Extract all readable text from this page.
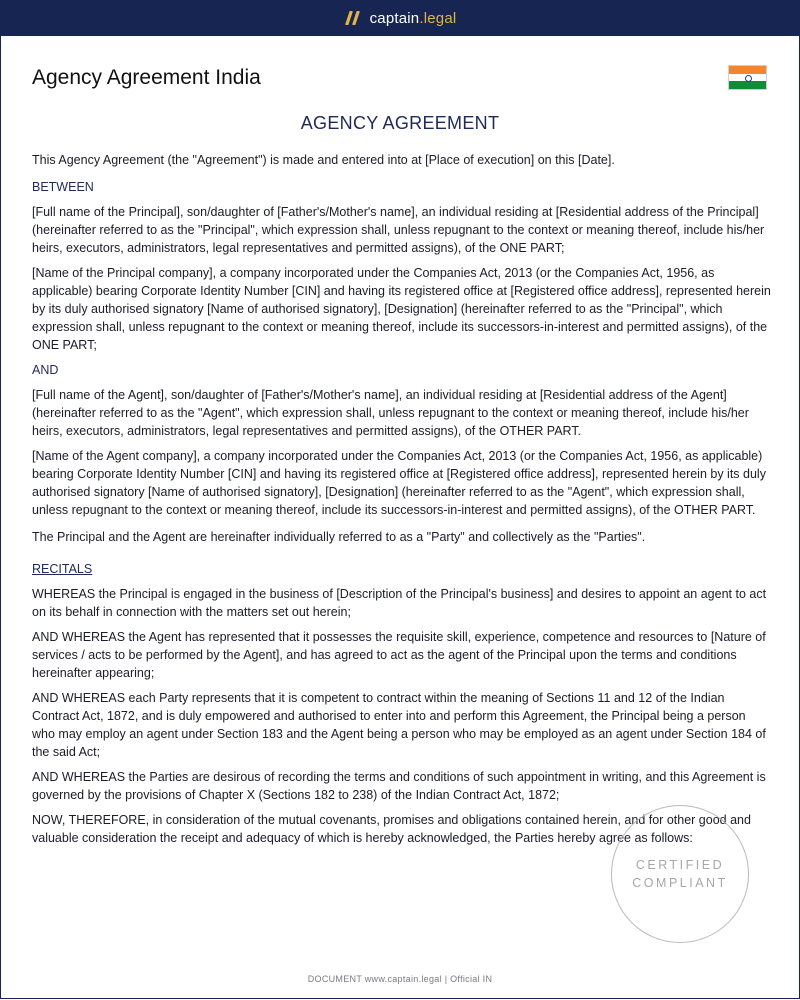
captain.legal
Agency Agreement India
AGENCY AGREEMENT

This Agency Agreement (the "Agreement") is made and entered into at [Place of execution] on this [Date].

BETWEEN

[Full name of the Principal], son/daughter of [Father's/Mother's name], an individual residing at [Residential address of the Principal] (hereinafter referred to as the "Principal", which expression shall, unless repugnant to the context or meaning thereof, include his/her heirs, executors, administrators, legal representatives and permitted assigns), of the ONE PART;

[Name of the Principal company], a company incorporated under the Companies Act, 2013 (or the Companies Act, 1956, as applicable) bearing Corporate Identity Number [CIN] and having its registered office at [Registered office address], represented herein by its duly authorised signatory [Name of authorised signatory], [Designation] (hereinafter referred to as the "Principal", which expression shall, unless repugnant to the context or meaning thereof, include its successors-in-interest and permitted assigns), of the ONE PART;

AND

[Full name of the Agent], son/daughter of [Father's/Mother's name], an individual residing at [Residential address of the Agent] (hereinafter referred to as the "Agent", which expression shall, unless repugnant to the context or meaning thereof, include his/her heirs, executors, administrators, legal representatives and permitted assigns), of the OTHER PART.

[Name of the Agent company], a company incorporated under the Companies Act, 2013 (or the Companies Act, 1956, as applicable) bearing Corporate Identity Number [CIN] and having its registered office at [Registered office address], represented herein by its duly authorised signatory [Name of authorised signatory], [Designation] (hereinafter referred to as the "Agent", which expression shall, unless repugnant to the context or meaning thereof, include its successors-in-interest and permitted assigns), of the OTHER PART.

The Principal and the Agent are hereinafter individually referred to as a "Party" and collectively as the "Parties".

RECITALS

WHEREAS the Principal is engaged in the business of [Description of the Principal's business] and desires to appoint an agent to act on its behalf in connection with the matters set out herein;

AND WHEREAS the Agent has represented that it possesses the requisite skill, experience, competence and resources to [Nature of services / acts to be performed by the Agent], and has agreed to act as the agent of the Principal upon the terms and conditions hereinafter appearing;

AND WHEREAS each Party represents that it is competent to contract within the meaning of Sections 11 and 12 of the Indian Contract Act, 1872, and is duly empowered and authorised to enter into and perform this Agreement, the Principal being a person who may employ an agent under Section 183 and the Agent being a person who may be employed as an agent under Section 184 of the said Act;

AND WHEREAS the Parties are desirous of recording the terms and conditions of such appointment in writing, and this Agreement is governed by the provisions of Chapter X (Sections 182 to 238) of the Indian Contract Act, 1872;

NOW, THEREFORE, in consideration of the mutual covenants, promises and obligations contained herein, and for other good and valuable consideration the receipt and adequacy of which is hereby acknowledged, the Parties hereby agree as follows:

CERTIFIED
COMPLIANT
DOCUMENT www.captain.legal | Official IN
